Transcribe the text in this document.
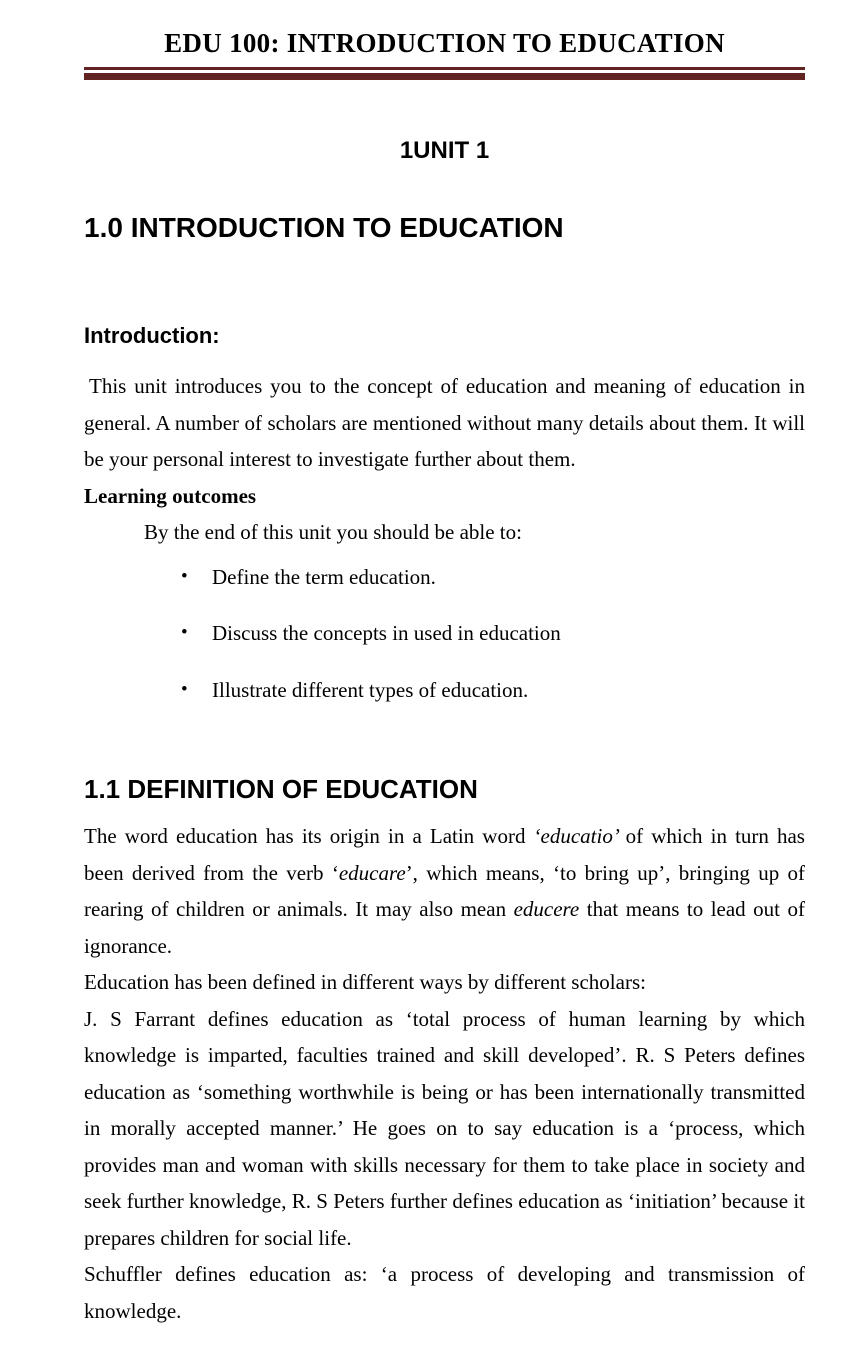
EDU 100: INTRODUCTION TO EDUCATION
1UNIT 1
1.0 INTRODUCTION TO EDUCATION
Introduction:

This unit introduces you to the concept of education and meaning of education in general. A number of scholars are mentioned without many details about them. It will be your personal interest to investigate further about them.

Learning outcomes

By the end of this unit you should be able to:

• Define the term education.
• Discuss the concepts in used in education
• Illustrate different types of education.
1.1 DEFINITION OF EDUCATION

The word education has its origin in a Latin word ‘educatio’ of which in turn has been derived from the verb ‘educare’, which means, ‘to bring up’, bringing up of rearing of children or animals. It may also mean educere that means to lead out of ignorance.

Education has been defined in different ways by different scholars:

J. S Farrant defines education as ‘total process of human learning by which knowledge is imparted, faculties trained and skill developed’. R. S Peters defines education as ‘something worthwhile is being or has been internationally transmitted in morally accepted manner.’ He goes on to say education is a ‘process, which provides man and woman with skills necessary for them to take place in society and seek further knowledge, R. S Peters further defines education as ‘initiation’ because it prepares children for social life.

Schuffler defines education as: ‘a process of developing and transmission of knowledge.
